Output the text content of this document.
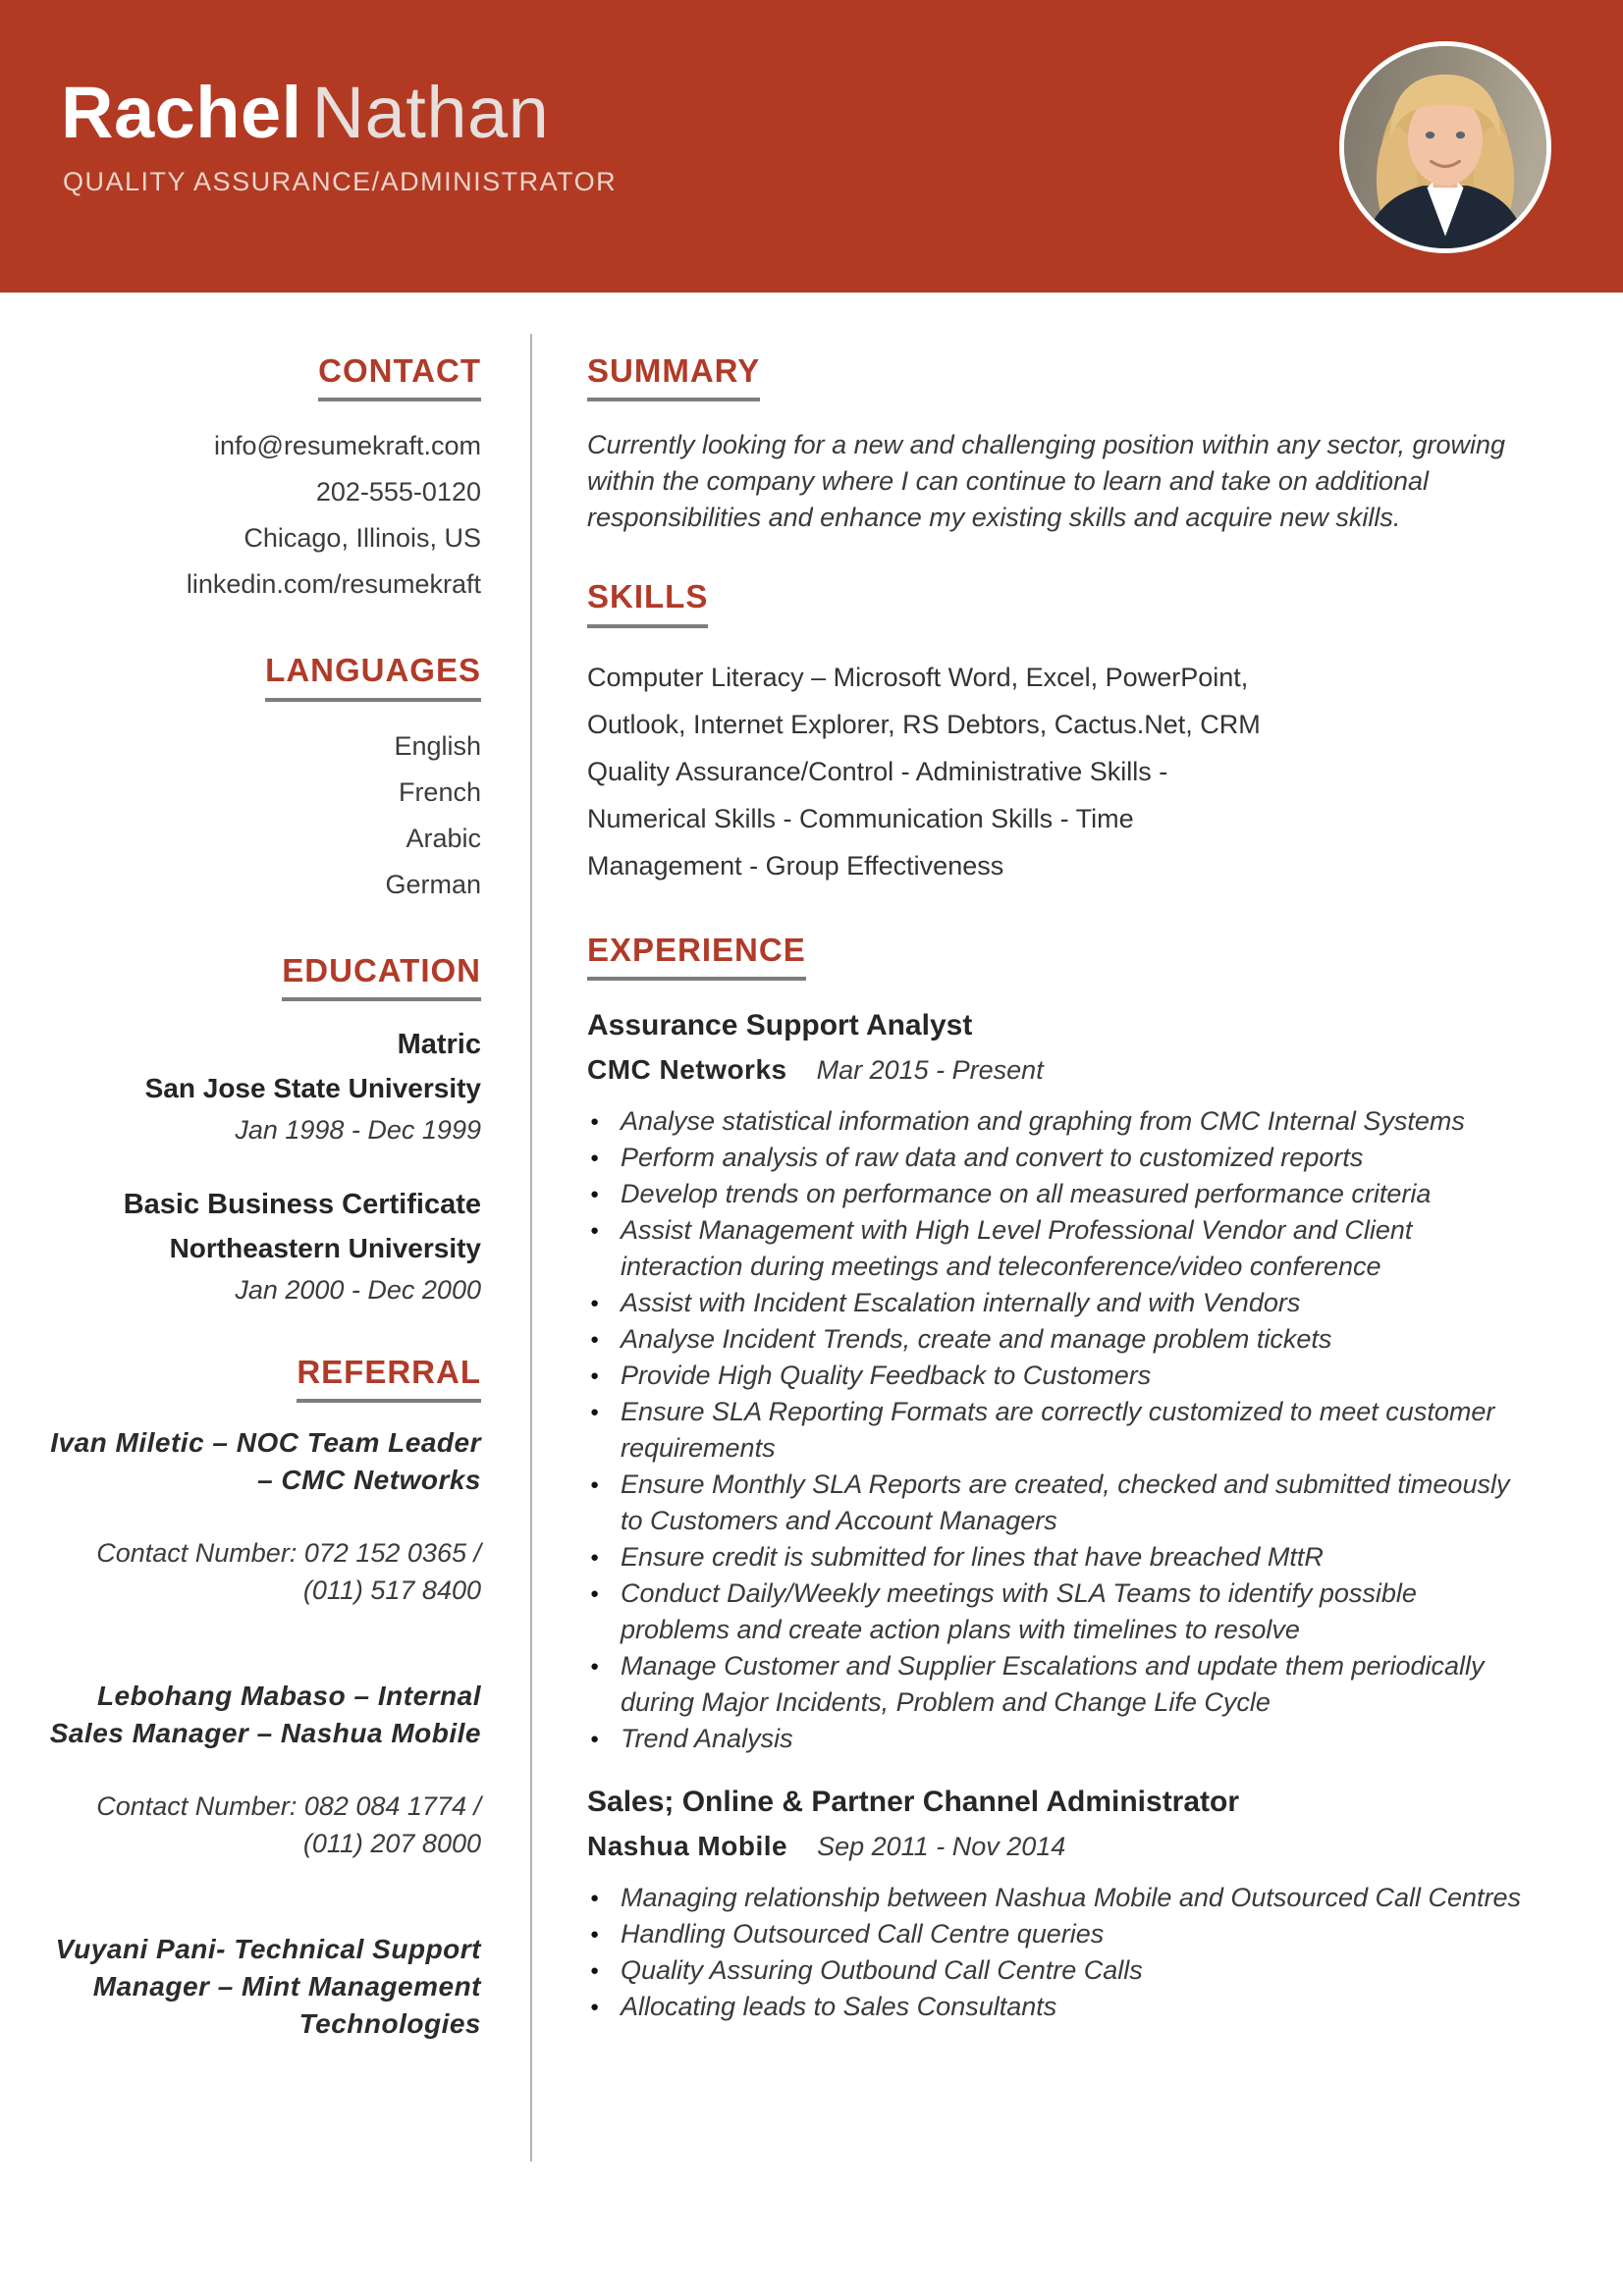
Rachel Nathan
QUALITY ASSURANCE/ADMINISTRATOR
CONTACT
info@resumekraft.com
202-555-0120
Chicago, Illinois, US
linkedin.com/resumekraft
LANGUAGES
English
French
Arabic
German
EDUCATION
Matric
San Jose State University
Jan 1998 - Dec 1999
Basic Business Certificate
Northeastern University
Jan 2000 - Dec 2000
REFERRAL
Ivan Miletic – NOC Team Leader – CMC Networks
Contact Number: 072 152 0365 / (011) 517 8400
Lebohang Mabaso – Internal Sales Manager – Nashua Mobile
Contact Number: 082 084 1774 / (011) 207 8000
Vuyani Pani- Technical Support Manager – Mint Management Technologies
SUMMARY

Currently looking for a new and challenging position within any sector, growing within the company where I can continue to learn and take on additional responsibilities and enhance my existing skills and acquire new skills.

SKILLS
Computer Literacy – Microsoft Word, Excel, PowerPoint, Outlook, Internet Explorer, RS Debtors, Cactus.Net, CRM Quality Assurance/Control - Administrative Skills - Numerical Skills - Communication Skills - Time Management - Group Effectiveness
EXPERIENCE
Assurance Support Analyst
CMC Networks Mar 2015 - Present
● Analyse statistical information and graphing from CMC Internal Systems
● Perform analysis of raw data and convert to customized reports
● Develop trends on performance on all measured performance criteria
● Assist Management with High Level Professional Vendor and Client interaction during meetings and teleconference/video conference
● Assist with Incident Escalation internally and with Vendors
● Analyse Incident Trends, create and manage problem tickets
● Provide High Quality Feedback to Customers
● Ensure SLA Reporting Formats are correctly customized to meet customer requirements
● Ensure Monthly SLA Reports are created, checked and submitted timeously to Customers and Account Managers
● Ensure credit is submitted for lines that have breached MttR
● Conduct Daily/Weekly meetings with SLA Teams to identify possible problems and create action plans with timelines to resolve
● Manage Customer and Supplier Escalations and update them periodically during Major Incidents, Problem and Change Life Cycle
● Trend Analysis
Sales; Online & Partner Channel Administrator
Nashua Mobile Sep 2011 - Nov 2014
● Managing relationship between Nashua Mobile and Outsourced Call Centres
● Handling Outsourced Call Centre queries
● Quality Assuring Outbound Call Centre Calls
● Allocating leads to Sales Consultants
